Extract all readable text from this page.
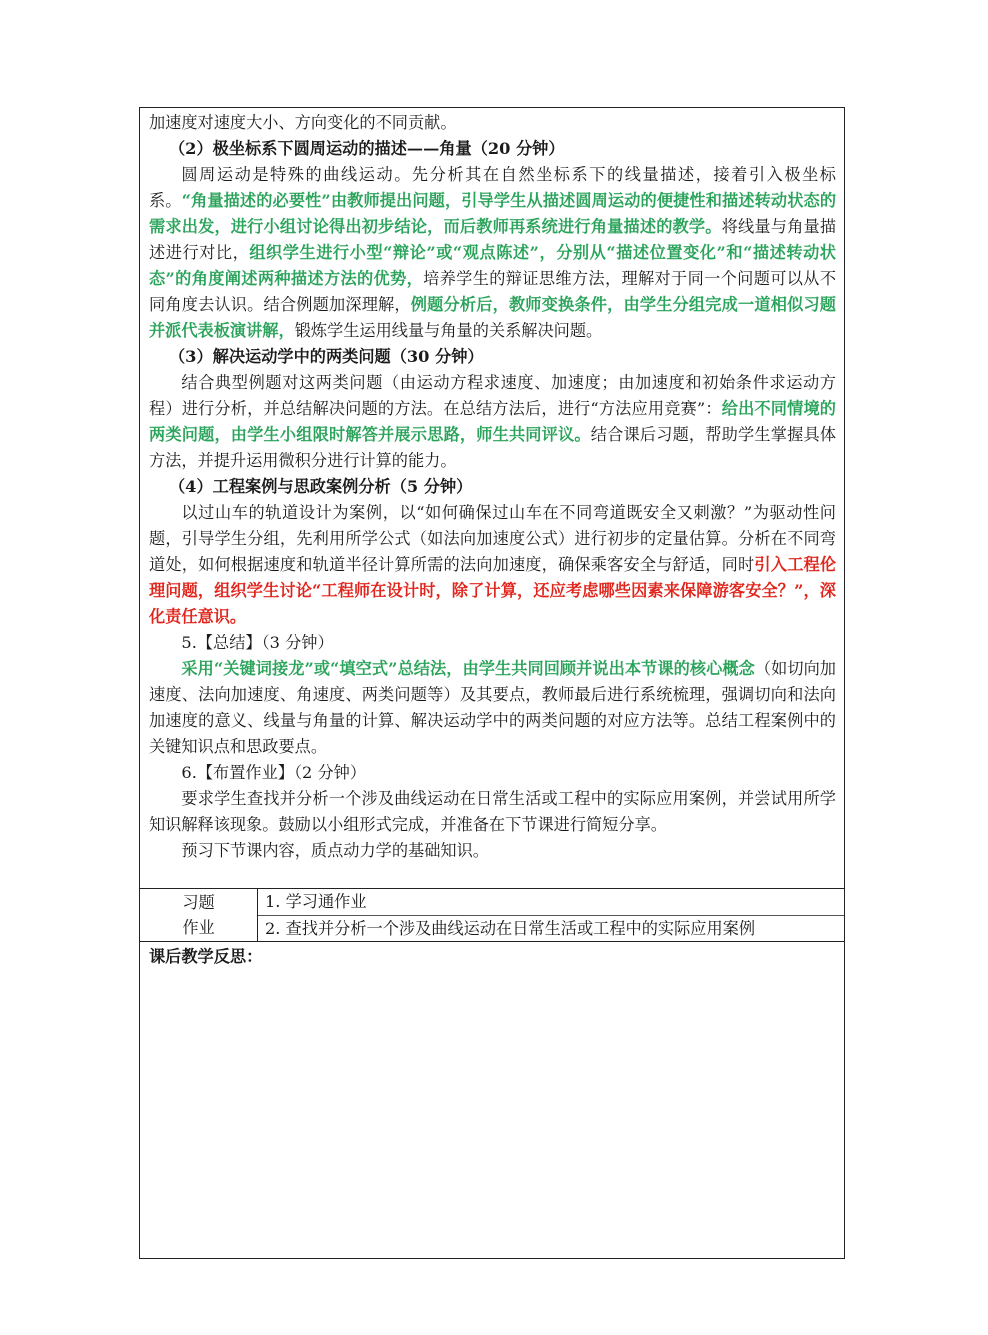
加速度对速度大小、方向变化的不同贡献。

（2）极坐标系下圆周运动的描述——角量（20 分钟）

圆周运动是特殊的曲线运动。先分析其在自然坐标系下的线量描述，接着引入极坐标系。“角量描述的必要性”由教师提出问题，引导学生从描述圆周运动的便捷性和描述转动状态的需求出发，进行小组讨论得出初步结论，而后教师再系统进行角量描述的教学。将线量与角量描述进行对比，组织学生进行小型“辩论”或“观点陈述”，分别从“描述位置变化”和“描述转动状态”的角度阐述两种描述方法的优势，培养学生的辩证思维方法，理解对于同一个问题可以从不同角度去认识。结合例题加深理解，例题分析后，教师变换条件，由学生分组完成一道相似习题并派代表板演讲解，锻炼学生运用线量与角量的关系解决问题。

（3）解决运动学中的两类问题（30 分钟）

结合典型例题对这两类问题（由运动方程求速度、加速度；由加速度和初始条件求运动方程）进行分析，并总结解决问题的方法。在总结方法后，进行“方法应用竞赛”：给出不同情境的两类问题，由学生小组限时解答并展示思路，师生共同评议。结合课后习题，帮助学生掌握具体方法，并提升运用微积分进行计算的能力。

（4）工程案例与思政案例分析（5 分钟）

以过山车的轨道设计为案例，以“如何确保过山车在不同弯道既安全又刺激？”为驱动性问题，引导学生分组，先利用所学公式（如法向加速度公式）进行初步的定量估算。分析在不同弯道处，如何根据速度和轨道半径计算所需的法向加速度，确保乘客安全与舒适，同时引入工程伦理问题，组织学生讨论“工程师在设计时，除了计算，还应考虑哪些因素来保障游客安全？”，深化责任意识。

5.【总结】（3 分钟）

采用“关键词接龙”或“填空式”总结法，由学生共同回顾并说出本节课的核心概念（如切向加速度、法向加速度、角速度、两类问题等）及其要点，教师最后进行系统梳理，强调切向和法向加速度的意义、线量与角量的计算、解决运动学中的两类问题的对应方法等。总结工程案例中的关键知识点和思政要点。

6.【布置作业】（2 分钟）

要求学生查找并分析一个涉及曲线运动在日常生活或工程中的实际应用案例，并尝试用所学知识解释该现象。鼓励以小组形式完成，并准备在下节课进行简短分享。

预习下节课内容，质点动力学的基础知识。

习题
作业
1. 学习通作业
2. 查找并分析一个涉及曲线运动在日常生活或工程中的实际应用案例
课后教学反思：
